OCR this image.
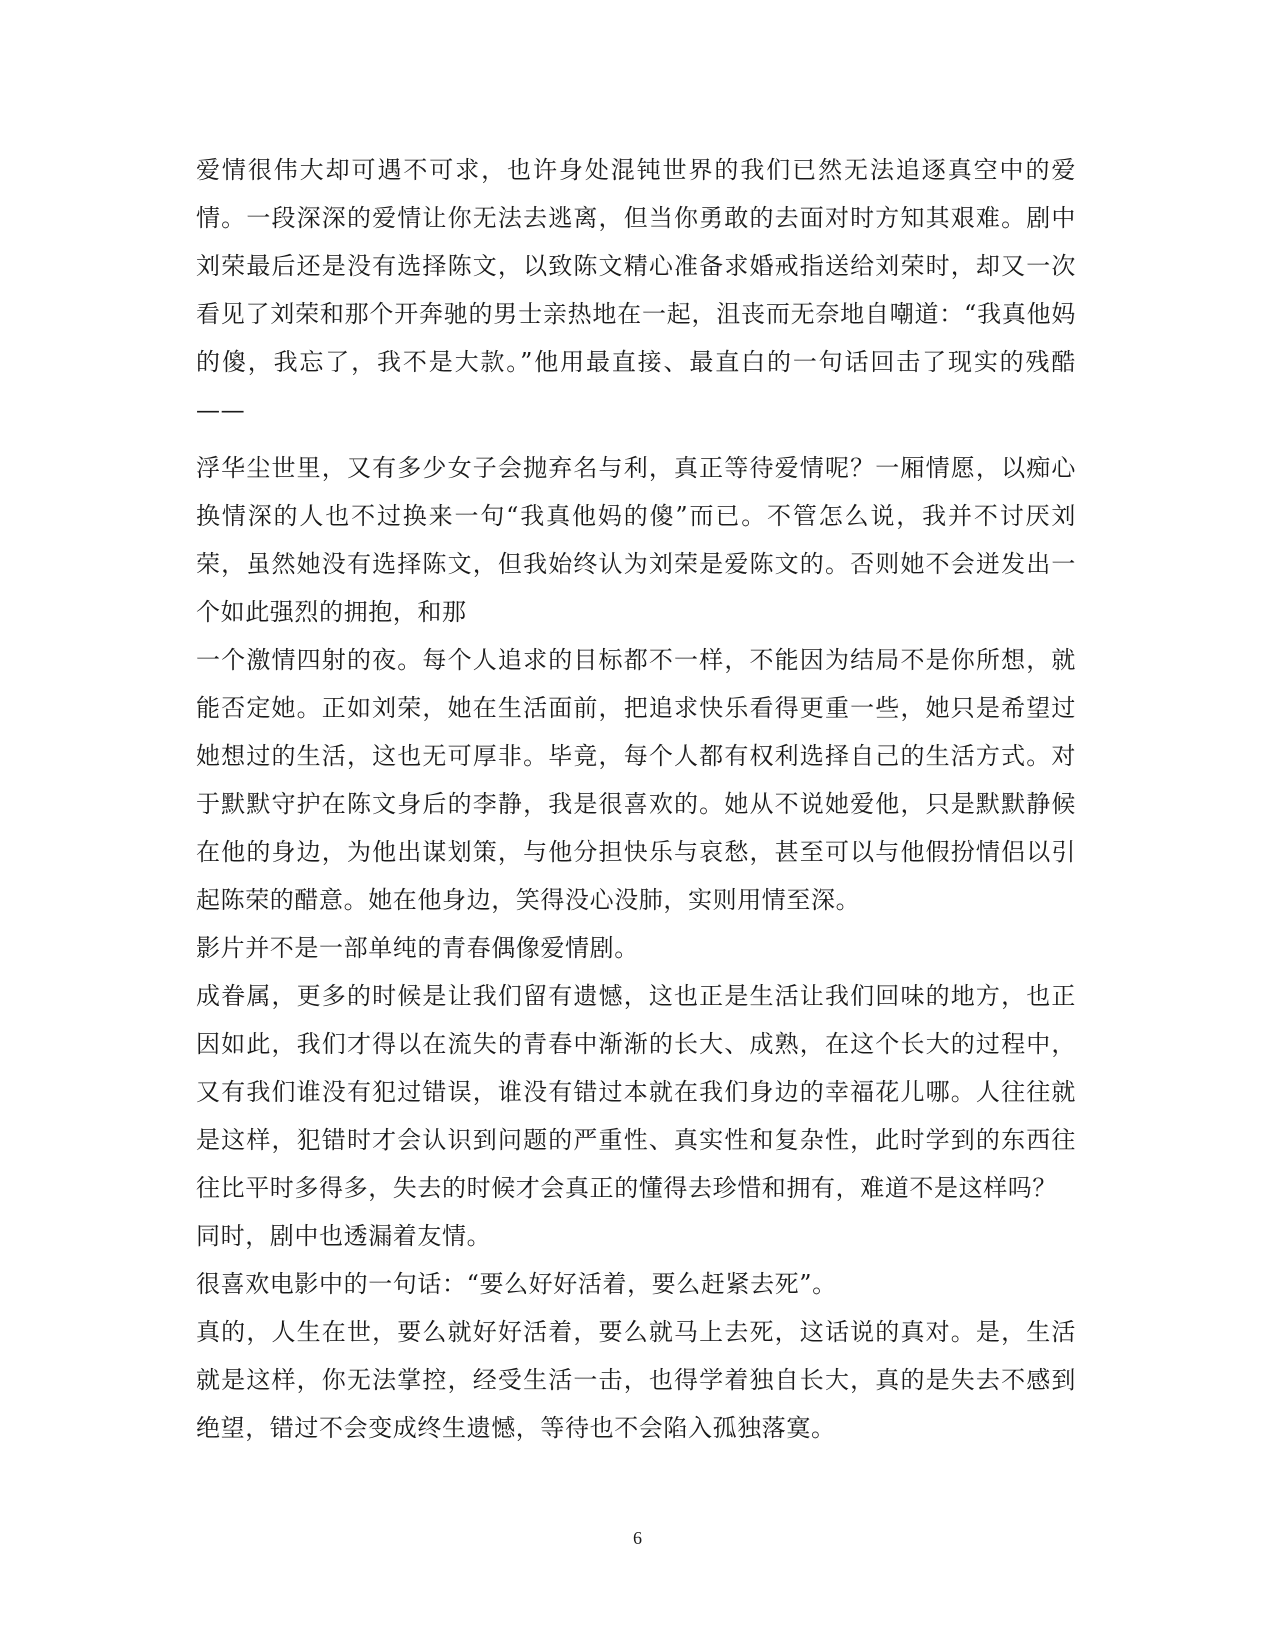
爱情很伟大却可遇不可求，也许身处混钝世界的我们已然无法追逐真空中的爱情。一段深深的爱情让你无法去逃离，但当你勇敢的去面对时方知其艰难。剧中刘荣最后还是没有选择陈文，以致陈文精心准备求婚戒指送给刘荣时，却又一次看见了刘荣和那个开奔驰的男士亲热地在一起，沮丧而无奈地自嘲道：“我真他妈的傻，我忘了，我不是大款。”他用最直接、最直白的一句话回击了现实的残酷——

浮华尘世里，又有多少女子会抛弃名与利，真正等待爱情呢？一厢情愿，以痴心换情深的人也不过换来一句“我真他妈的傻”而已。不管怎么说，我并不讨厌刘荣，虽然她没有选择陈文，但我始终认为刘荣是爱陈文的。否则她不会迸发出一个如此强烈的拥抱，和那

一个激情四射的夜。每个人追求的目标都不一样，不能因为结局不是你所想，就能否定她。正如刘荣，她在生活面前，把追求快乐看得更重一些，她只是希望过她想过的生活，这也无可厚非。毕竟，每个人都有权利选择自己的生活方式。对于默默守护在陈文身后的李静，我是很喜欢的。她从不说她爱他，只是默默静候在他的身边，为他出谋划策，与他分担快乐与哀愁，甚至可以与他假扮情侣以引起陈荣的醋意。她在他身边，笑得没心没肺，实则用情至深。

影片并不是一部单纯的青春偶像爱情剧。

成眷属，更多的时候是让我们留有遗憾，这也正是生活让我们回味的地方，也正因如此，我们才得以在流失的青春中渐渐的长大、成熟，在这个长大的过程中，又有我们谁没有犯过错误，谁没有错过本就在我们身边的幸福花儿哪。人往往就是这样，犯错时才会认识到问题的严重性、真实性和复杂性，此时学到的东西往往比平时多得多，失去的时候才会真正的懂得去珍惜和拥有，难道不是这样吗？

同时，剧中也透漏着友情。

很喜欢电影中的一句话：“要么好好活着，要么赶紧去死”。

真的，人生在世，要么就好好活着，要么就马上去死，这话说的真对。是，生活就是这样，你无法掌控，经受生活一击，也得学着独自长大，真的是失去不感到绝望，错过不会变成终生遗憾，等待也不会陷入孤独落寞。

6
